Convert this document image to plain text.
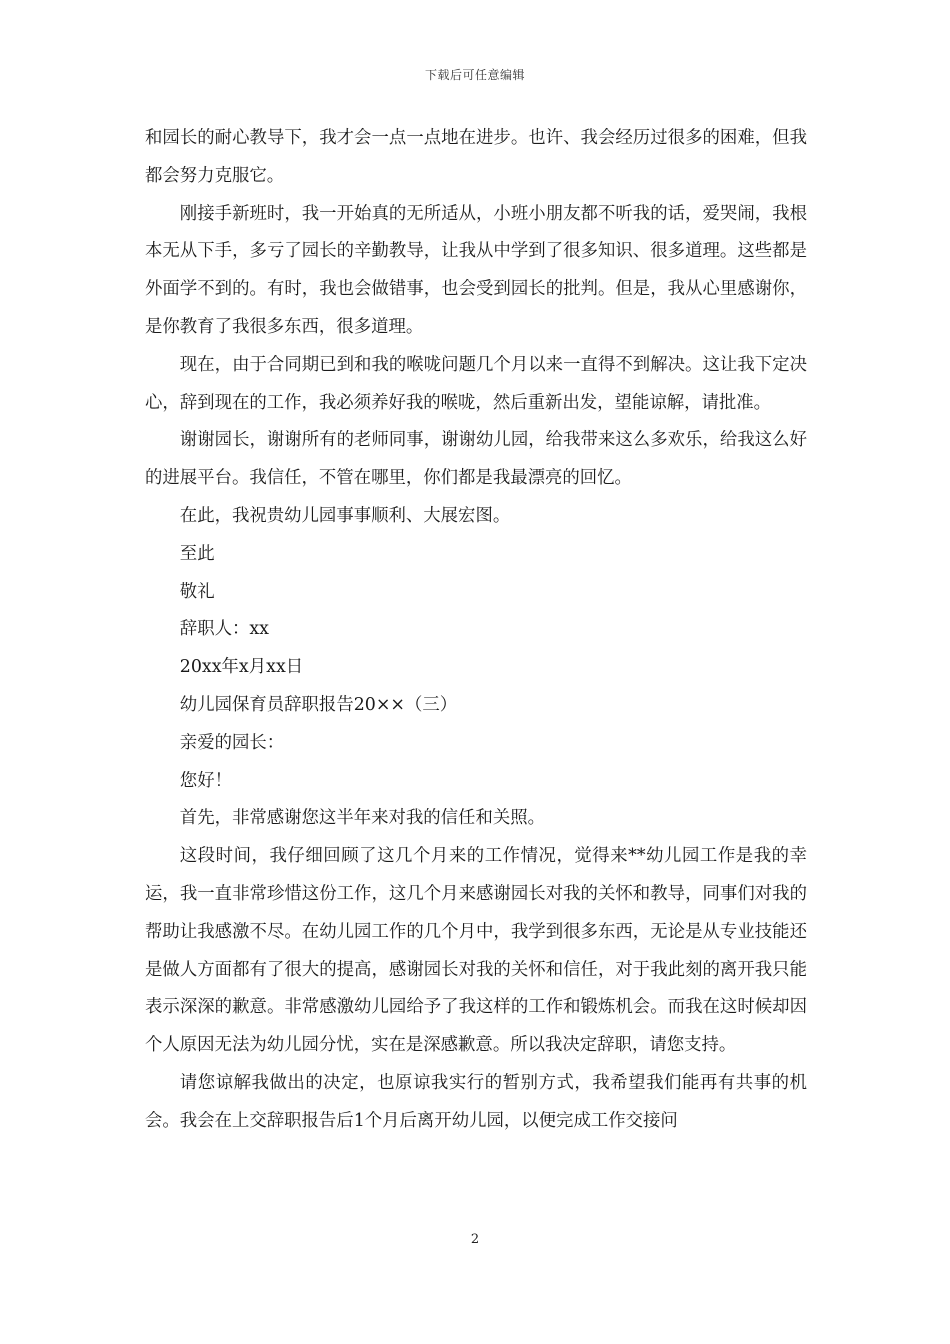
下载后可任意编辑

和园长的耐心教导下，我才会一点一点地在进步。也许、我会经历过很多的困难，但我都会努力克服它。

刚接手新班时，我一开始真的无所适从，小班小朋友都不听我的话，爱哭闹，我根本无从下手，多亏了园长的辛勤教导，让我从中学到了很多知识、很多道理。这些都是外面学不到的。有时，我也会做错事，也会受到园长的批判。但是，我从心里感谢你，是你教育了我很多东西，很多道理。

现在，由于合同期已到和我的喉咙问题几个月以来一直得不到解决。这让我下定决心，辞到现在的工作，我必须养好我的喉咙，然后重新出发，望能谅解，请批准。

谢谢园长，谢谢所有的老师同事，谢谢幼儿园，给我带来这么多欢乐，给我这么好的进展平台。我信任，不管在哪里，你们都是我最漂亮的回忆。

在此，我祝贵幼儿园事事顺利、大展宏图。

至此

敬礼

辞职人：xx

20xx年x月xx日

幼儿园保育员辞职报告20××（三）

亲爱的园长：

您好！

首先，非常感谢您这半年来对我的信任和关照。

这段时间，我仔细回顾了这几个月来的工作情况，觉得来**幼儿园工作是我的幸运，我一直非常珍惜这份工作，这几个月来感谢园长对我的关怀和教导，同事们对我的帮助让我感激不尽。在幼儿园工作的几个月中，我学到很多东西，无论是从专业技能还是做人方面都有了很大的提高，感谢园长对我的关怀和信任，对于我此刻的离开我只能表示深深的歉意。非常感激幼儿园给予了我这样的工作和锻炼机会。而我在这时候却因个人原因无法为幼儿园分忧，实在是深感歉意。所以我决定辞职，请您支持。

请您谅解我做出的决定，也原谅我实行的暂别方式，我希望我们能再有共事的机会。我会在上交辞职报告后1个月后离开幼儿园，以便完成工作交接问

2
